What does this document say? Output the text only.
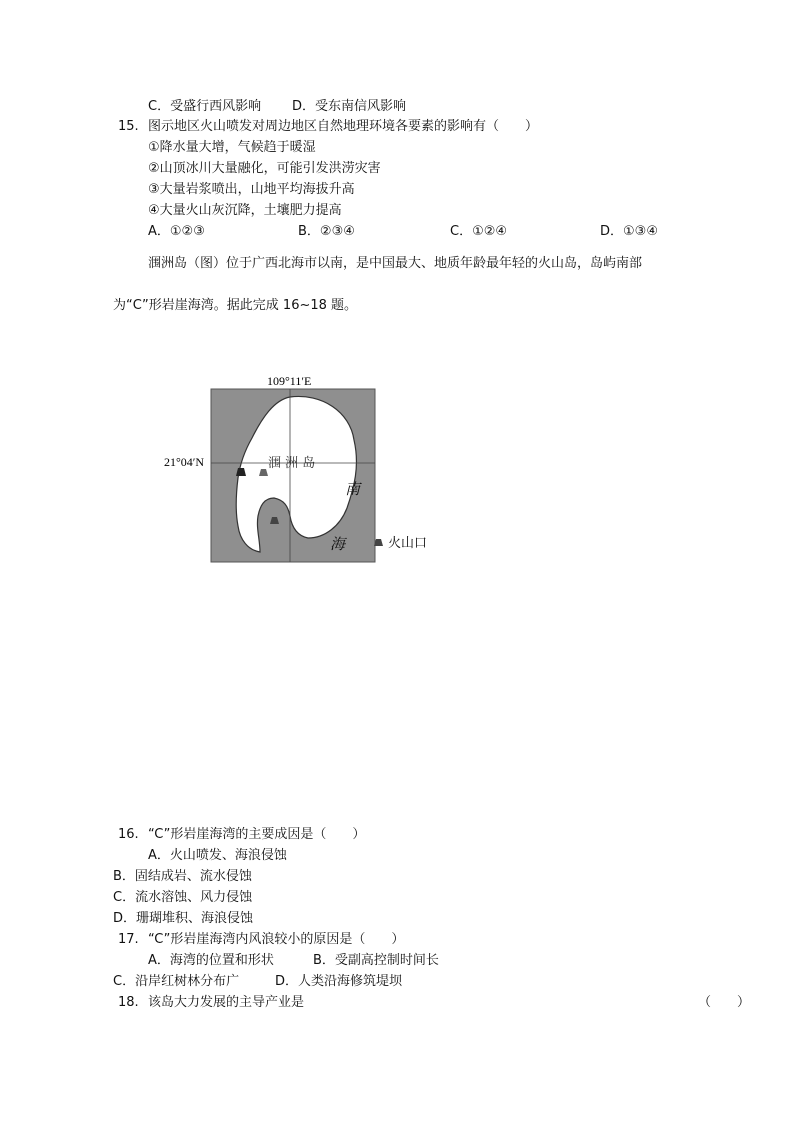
C．受盛行西风影响 D．受东南信风影响
15. 图示地区火山喷发对周边地区自然地理环境各要素的影响有（　　）
①降水量大增，气候趋于暖湿
②山顶冰川大量融化，可能引发洪涝灾害
③大量岩浆喷出，山地平均海拔升高
④大量火山灰沉降，土壤肥力提高
A．①②③	B．②③④	C．①②④	D．①③④
涠洲岛（图）位于广西北海市以南，是中国最大、地质年龄最年轻的火山岛，岛屿南部
为“C”形岩崖海湾。据此完成 16~18 题。
109°11′E
21°04′N	涠 洲 岛
南
海	火山口
16. “C”形岩崖海湾的主要成因是（　　）
A．火山喷发、海浪侵蚀
B．固结成岩、流水侵蚀
C．流水溶蚀、风力侵蚀
D．珊瑚堆积、海浪侵蚀
17. “C”形岩崖海湾内风浪较小的原因是（　　）
A．海湾的位置和形状	B．受副高控制时间长
C．沿岸红树林分布广	D．人类沿海修筑堤坝
18. 该岛大力发展的主导产业是	（　　）
